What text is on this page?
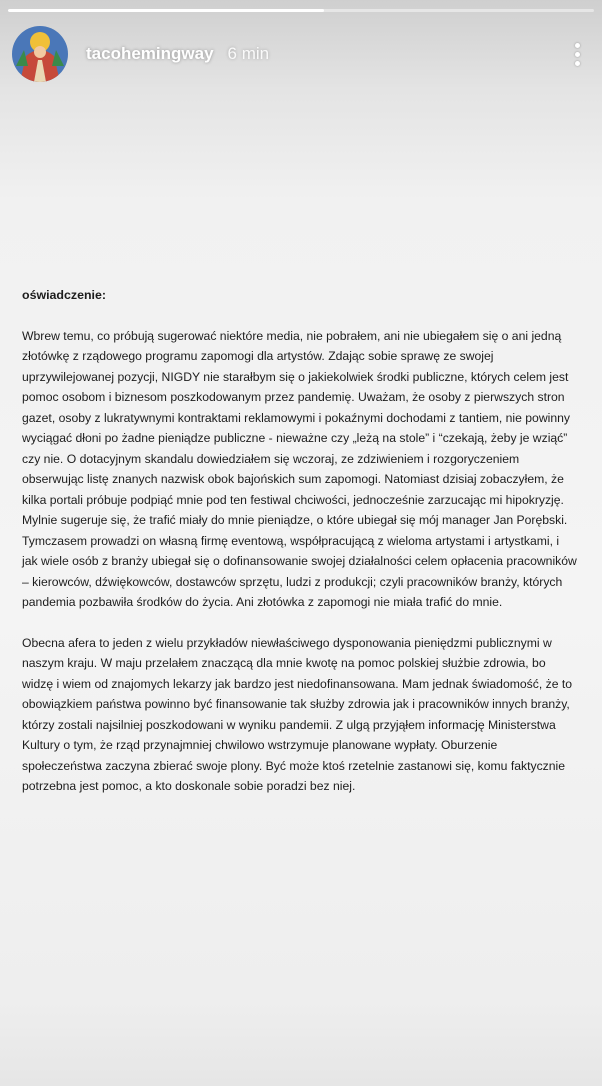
tacohemingway 6 min
oświadczenie:

Wbrew temu, co próbują sugerować niektóre media, nie pobrałem, ani nie ubiegałem się o ani jedną złotówkę z rządowego programu zapomogi dla artystów. Zdając sobie sprawę ze swojej uprzywilejowanej pozycji, NIGDY nie starałbym się o jakiekolwiek środki publiczne, których celem jest pomoc osobom i biznesom poszkodowanym przez pandemię. Uważam, że osoby z pierwszych stron gazet, osoby z lukratywnymi kontraktami reklamowymi i pokaźnymi dochodami z tantiem, nie powinny wyciągać dłoni po żadne pieniądze publiczne - nieważne czy „leżą na stole” i “czekają, żeby je wziąć” czy nie. O dotacyjnym skandalu dowiedziałem się wczoraj, ze zdziwieniem i rozgoryczeniem obserwując listę znanych nazwisk obok bajońskich sum zapomogi. Natomiast dzisiaj zobaczyłem, że kilka portali próbuje podpiąć mnie pod ten festiwal chciwości, jednocześnie zarzucając mi hipokryzję. Mylnie sugeruje się, że trafić miały do mnie pieniądze, o które ubiegał się mój manager Jan Porębski. Tymczasem prowadzi on własną firmę eventową, współpracującą z wieloma artystami i artystkami, i jak wiele osób z branży ubiegał się o dofinansowanie swojej działalności celem opłacenia pracowników – kierowców, dźwiękowców, dostawców sprzętu, ludzi z produkcji; czyli pracowników branży, których pandemia pozbawiła środków do życia. Ani złotówka z zapomogi nie miała trafić do mnie.

Obecna afera to jeden z wielu przykładów niewłaściwego dysponowania pieniędzmi publicznymi w naszym kraju. W maju przelałem znaczącą dla mnie kwotę na pomoc polskiej służbie zdrowia, bo widzę i wiem od znajomych lekarzy jak bardzo jest niedofinansowana. Mam jednak świadomość, że to obowiązkiem państwa powinno być finansowanie tak służby zdrowia jak i pracowników innych branży, którzy zostali najsilniej poszkodowani w wyniku pandemii. Z ulgą przyjąłem informację Ministerstwa Kultury o tym, że rząd przynajmniej chwilowo wstrzymuje planowane wypłaty. Oburzenie społeczeństwa zaczyna zbierać swoje plony. Być może ktoś rzetelnie zastanowi się, komu faktycznie potrzebna jest pomoc, a kto doskonale sobie poradzi bez niej.
